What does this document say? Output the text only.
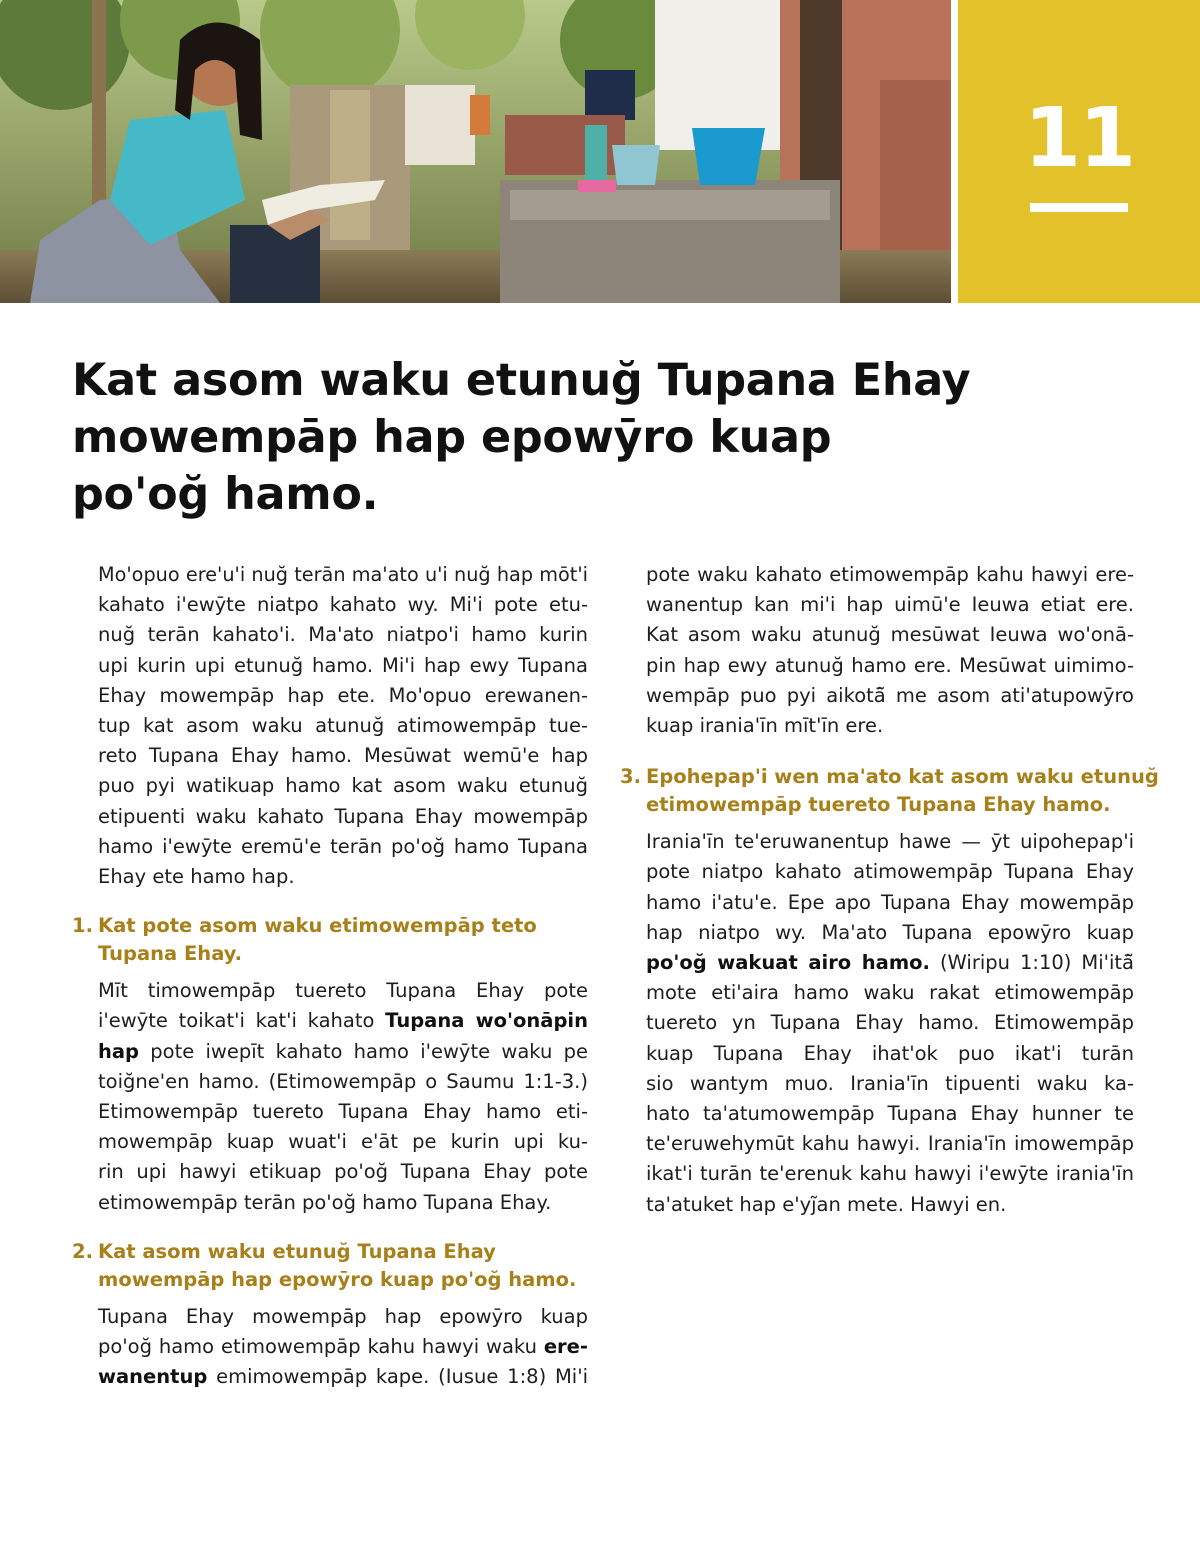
11
Kat asom waku etunuğ Tupana Ehay
mowempāp hap epowȳro kuap
po'oğ hamo.

Mo'opuo ere'u'i nuğ terān ma'ato u'i nuğ hap mōt'i
kahato i'ewȳte niatpo kahato wy. Mi'i pote etu-
nuğ terān kahato'i. Ma'ato niatpo'i hamo kurin
upi kurin upi etunuğ hamo. Mi'i hap ewy Tupana
Ehay mowempāp hap ete. Mo'opuo erewanen-
tup kat asom waku atunuğ atimowempāp tue-
reto Tupana Ehay hamo. Mesūwat wemū'e hap
puo pyi watikuap hamo kat asom waku etunuğ
etipuenti waku kahato Tupana Ehay mowempāp
hamo i'ewȳte eremū'e terān po'oğ hamo Tupana
Ehay ete hamo hap.

1. Kat pote asom waku etimowempāp teto
Tupana Ehay.

Mīt timowempāp tuereto Tupana Ehay pote
i'ewȳte toikat'i kat'i kahato Tupana wo'onāpin
hap pote iwepīt kahato hamo i'ewȳte waku pe
toiğne'en hamo. (Etimowempāp o Saumu 1:1-3.)
Etimowempāp tuereto Tupana Ehay hamo eti-
mowempāp kuap wuat'i e'āt pe kurin upi ku-
rin upi hawyi etikuap po'oğ Tupana Ehay pote
etimowempāp terān po'oğ hamo Tupana Ehay.

2. Kat asom waku etunuğ Tupana Ehay
mowempāp hap epowȳro kuap po'oğ hamo.

Tupana Ehay mowempāp hap epowȳro kuap
po'oğ hamo etimowempāp kahu hawyi waku ere-
wanentup emimowempāp kape. (Iusue 1:8) Mi'i

pote waku kahato etimowempāp kahu hawyi ere-
wanentup kan mi'i hap uimū'e Ieuwa etiat ere.
Kat asom waku atunuğ mesūwat Ieuwa wo'onā-
pin hap ewy atunuğ hamo ere. Mesūwat uimimo-
wempāp puo pyi aikotā̃ me asom ati'atupowȳro
kuap irania'īn mīt'īn ere.

3. Epohepap'i wen ma'ato kat asom waku etunuğ
etimowempāp tuereto Tupana Ehay hamo.

Irania'īn te'eruwanentup hawe — ȳt uipohepap'i
pote niatpo kahato atimowempāp Tupana Ehay
hamo i'atu'e. Epe apo Tupana Ehay mowempāp
hap niatpo wy. Ma'ato Tupana epowȳro kuap
po'oğ wakuat airo hamo. (Wiripu 1:10) Mi'itā̃
mote eti'aira hamo waku rakat etimowempāp
tuereto yn Tupana Ehay hamo. Etimowempāp
kuap Tupana Ehay ihat'ok puo ikat'i turān
sio wantym muo. Irania'īn tipuenti waku ka-
hato ta'atumowempāp Tupana Ehay hunner te
te'eruwehymūt kahu hawyi. Irania'īn imowempāp
ikat'i turān te'erenuk kahu hawyi i'ewȳte irania'īn
ta'atuket hap e'yj̃an mete. Hawyi en.
